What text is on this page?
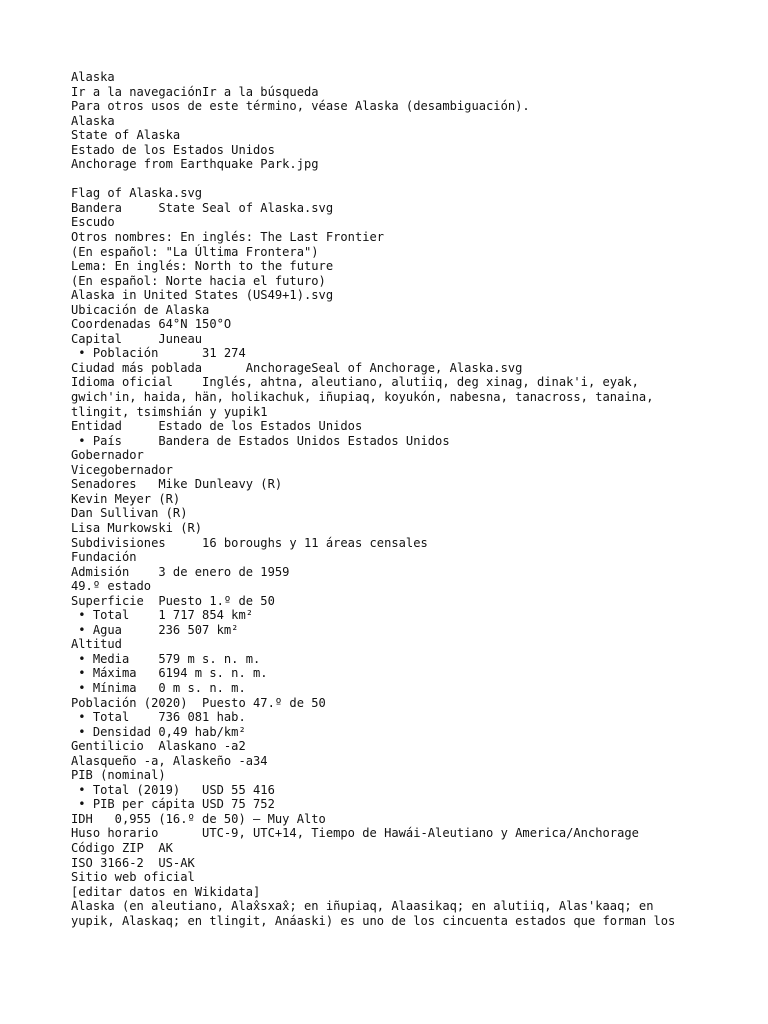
Alaska
Ir a la navegaciónIr a la búsqueda
Para otros usos de este término, véase Alaska (desambiguación).
Alaska
State of Alaska
Estado de los Estados Unidos
Anchorage from Earthquake Park.jpg
Flag of Alaska.svg
Bandera     State Seal of Alaska.svg
Escudo
Otros nombres: En inglés: The Last Frontier
(En español: "La Última Frontera")
Lema: En inglés: North to the future
(En español: Norte hacia el futuro)
Alaska in United States (US49+1).svg
Ubicación de Alaska
Coordenadas 64°N 150°O
Capital     Juneau
• Población      31 274
Ciudad más poblada      AnchorageSeal of Anchorage, Alaska.svg
Idioma oficial    Inglés, ahtna, aleutiano, alutiiq, deg xinag, dinak'i, eyak,
gwich'in, haida, hän, holikachuk, iñupiaq, koyukón, nabesna, tanacross, tanaina,
tlingit, tsimshián y yupik1
Entidad     Estado de los Estados Unidos
• País     Bandera de Estados Unidos Estados Unidos
Gobernador
Vicegobernador
Senadores   Mike Dunleavy (R)
Kevin Meyer (R)
Dan Sullivan (R)
Lisa Murkowski (R)
Subdivisiones     16 boroughs y 11 áreas censales
Fundación
Admisión    3 de enero de 1959
49.º estado
Superficie  Puesto 1.º de 50
• Total    1 717 854 km²
• Agua     236 507 km²
Altitud
• Media    579 m s. n. m.
• Máxima   6194 m s. n. m.
• Mínima   0 m s. n. m.
Población (2020)  Puesto 47.º de 50
• Total    736 081 hab.
• Densidad 0,49 hab/km²
Gentilicio  Alaskano -a2
Alasqueño -a, Alaskeño -a34
PIB (nominal)
• Total (2019)   USD 55 416
• PIB per cápita USD 75 752
IDH   0,955 (16.º de 50) – Muy Alto
Huso horario      UTC-9, UTC+14, Tiempo de Hawái-Aleutiano y America/Anchorage
Código ZIP  AK
ISO 3166-2  US-AK
Sitio web oficial
[editar datos en Wikidata]
Alaska (en aleutiano, Alax̂sxax̂; en iñupiaq, Alaasikaq; en alutiiq, Alas'kaaq; en
yupik, Alaskaq; en tlingit, Anáaski) es uno de los cincuenta estados que forman los
